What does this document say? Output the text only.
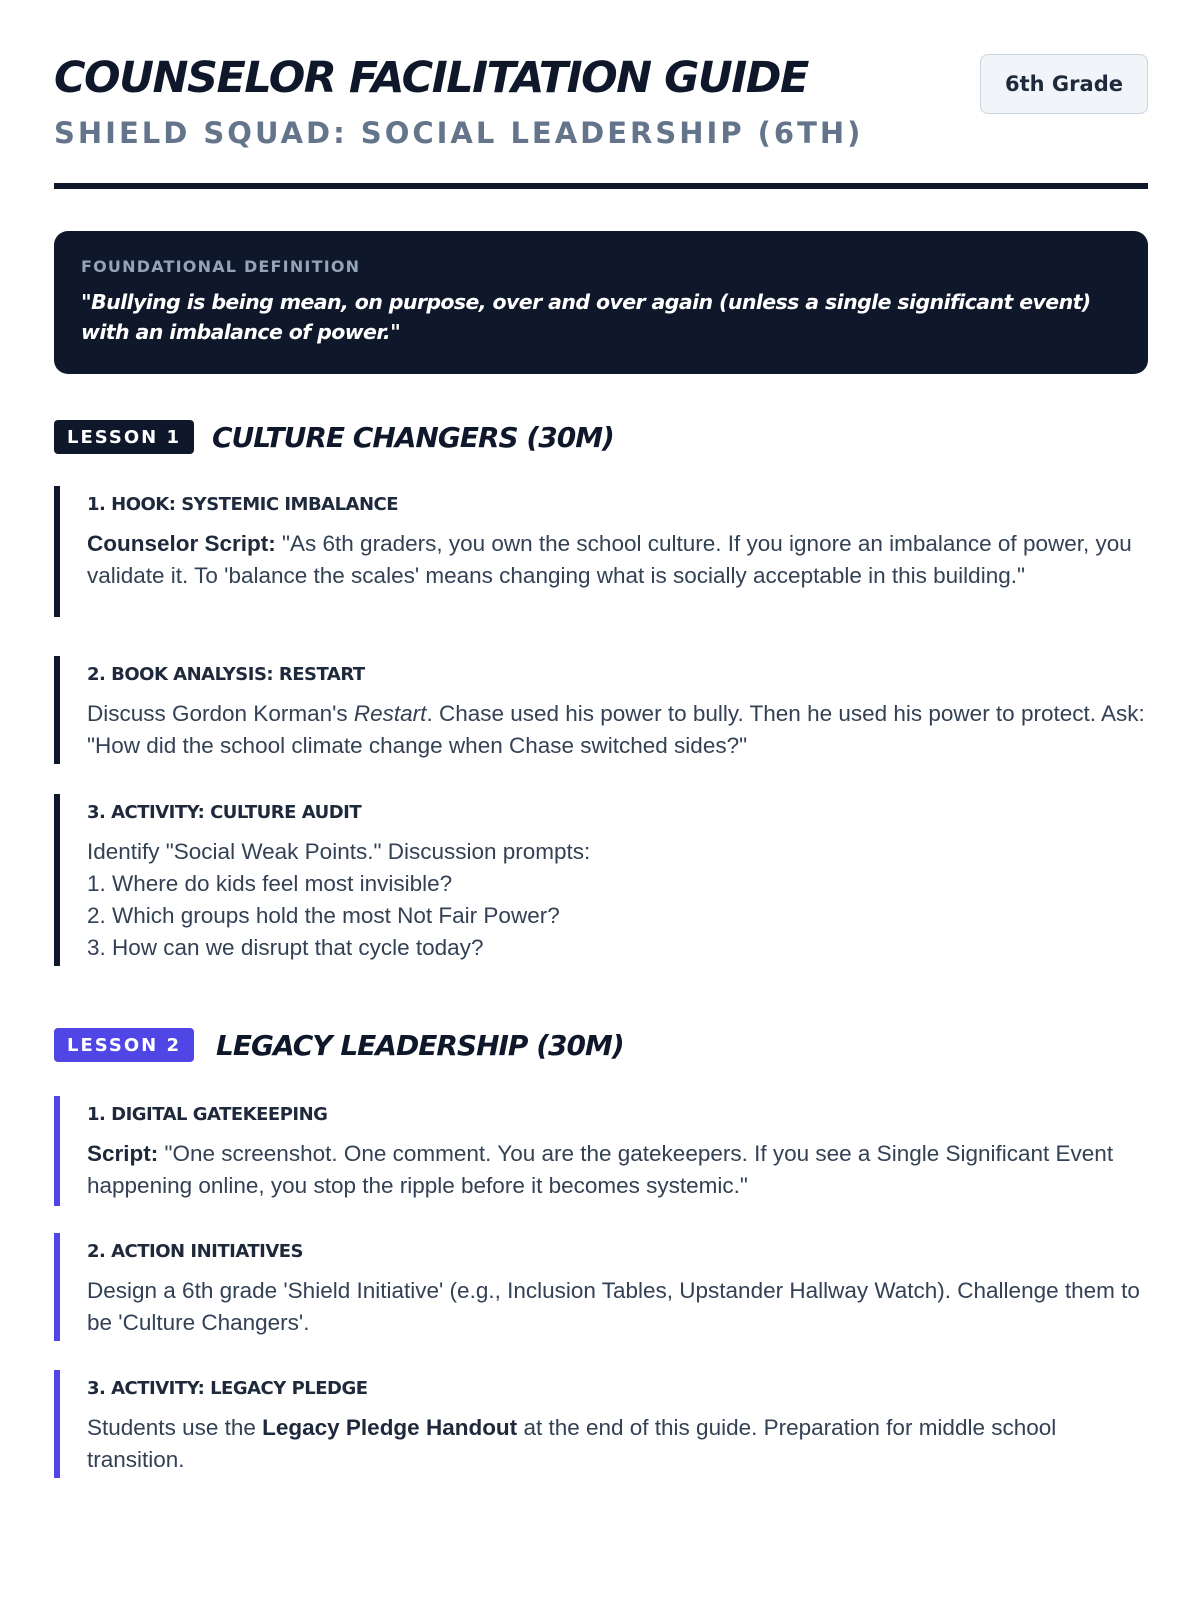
COUNSELOR FACILITATION GUIDE
SHIELD SQUAD: SOCIAL LEADERSHIP (6TH)
6th Grade

FOUNDATIONAL DEFINITION

"Bullying is being mean, on purpose, over and over again (unless a single significant event) with an imbalance of power."

LESSON 1	CULTURE CHANGERS (30M)

1. HOOK: SYSTEMIC IMBALANCE

Counselor Script: "As 6th graders, you own the school culture. If you ignore an imbalance of power, you validate it. To 'balance the scales' means changing what is socially acceptable in this building."

2. BOOK ANALYSIS: RESTART

Discuss Gordon Korman's Restart. Chase used his power to bully. Then he used his power to protect. Ask: "How did the school climate change when Chase switched sides?"

3. ACTIVITY: CULTURE AUDIT

Identify "Social Weak Points." Discussion prompts:
1. Where do kids feel most invisible?
2. Which groups hold the most Not Fair Power?
3. How can we disrupt that cycle today?

LESSON 2	LEGACY LEADERSHIP (30M)

1. DIGITAL GATEKEEPING

Script: "One screenshot. One comment. You are the gatekeepers. If you see a Single Significant Event happening online, you stop the ripple before it becomes systemic."

2. ACTION INITIATIVES

Design a 6th grade 'Shield Initiative' (e.g., Inclusion Tables, Upstander Hallway Watch). Challenge them to be 'Culture Changers'.

3. ACTIVITY: LEGACY PLEDGE

Students use the Legacy Pledge Handout at the end of this guide. Preparation for middle school transition.
